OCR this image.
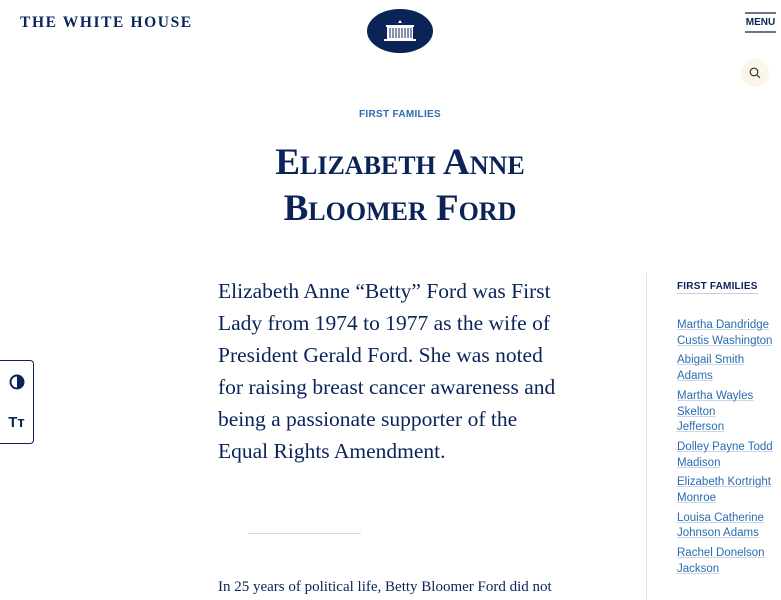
THE WHITE HOUSE	MENU
FIRST FAMILIES
Elizabeth Anne Bloomer Ford

Elizabeth Anne “Betty” Ford was First Lady from 1974 to 1977 as the wife of President Gerald Ford. She was noted for raising breast cancer awareness and being a passionate supporter of the Equal Rights Amendment.

In 25 years of political life, Betty Bloomer Ford did not

FIRST FAMILIES
Martha Dandridge Custis Washington
Abigail Smith Adams
Martha Wayles Skelton Jefferson
Dolley Payne Todd Madison
Elizabeth Kortright Monroe
Louisa Catherine Johnson Adams
Rachel Donelson Jackson
Tт
